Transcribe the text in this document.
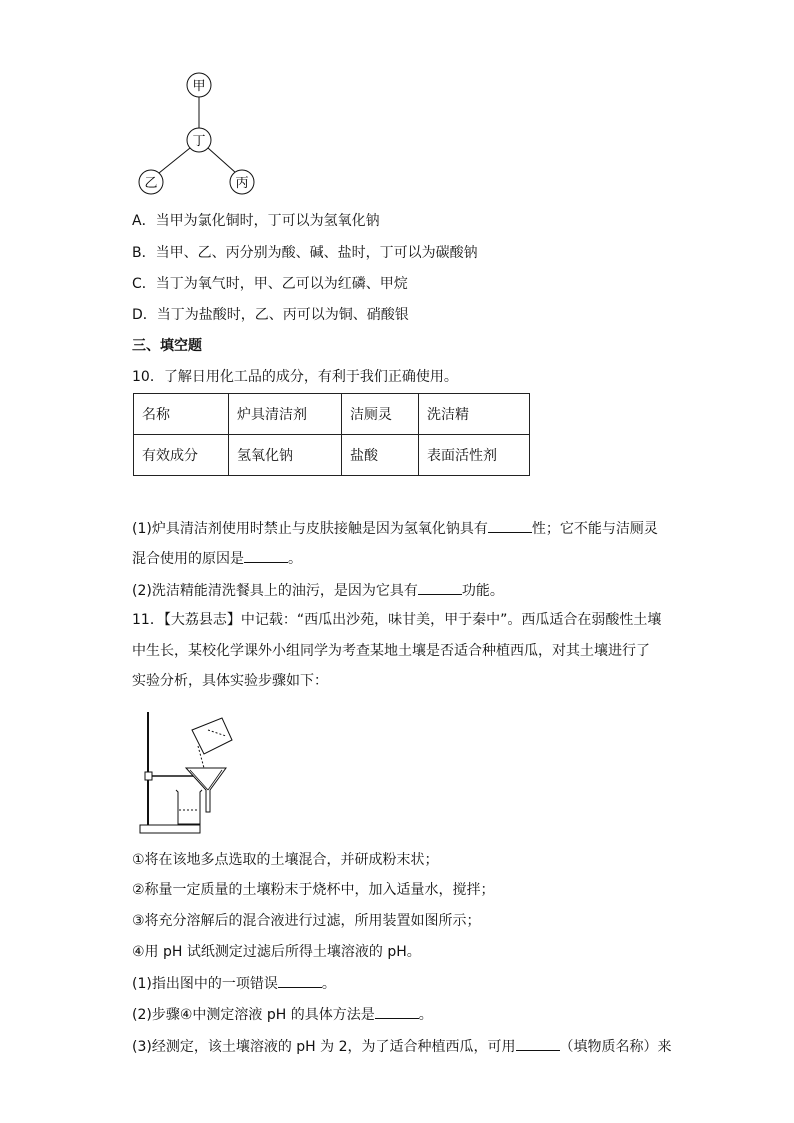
甲
丁
乙	丙
A．当甲为氯化铜时，丁可以为氢氧化钠
B．当甲、乙、丙分别为酸、碱、盐时，丁可以为碳酸钠
C．当丁为氧气时，甲、乙可以为红磷、甲烷
D．当丁为盐酸时，乙、丙可以为铜、硝酸银
三、填空题
10．了解日用化工品的成分，有利于我们正确使用。
名称	炉具清洁剂	洁厕灵	洗洁精
有效成分	氢氧化钠	盐酸	表面活性剂
(1)炉具清洁剂使用时禁止与皮肤接触是因为氢氧化钠具有	性；它不能与洁厕灵
混合使用的原因是	。
(2)洗洁精能清洗餐具上的油污，是因为它具有	功能。
11．【大荔县志】中记载：“西瓜出沙苑，味甘美，甲于秦中”。西瓜适合在弱酸性土壤
中生长，某校化学课外小组同学为考查某地土壤是否适合种植西瓜，对其土壤进行了
实验分析，具体实验步骤如下：
①将在该地多点选取的土壤混合，并研成粉末状；
②称量一定质量的土壤粉末于烧杯中，加入适量水，搅拌；
③将充分溶解后的混合液进行过滤，所用装置如图所示；
④用 pH 试纸测定过滤后所得土壤溶液的 pH。
(1)指出图中的一项错误	。
(2)步骤④中测定溶液 pH 的具体方法是	。
(3)经测定，该土壤溶液的 pH 为 2，为了适合种植西瓜，可用	（填物质名称）来
